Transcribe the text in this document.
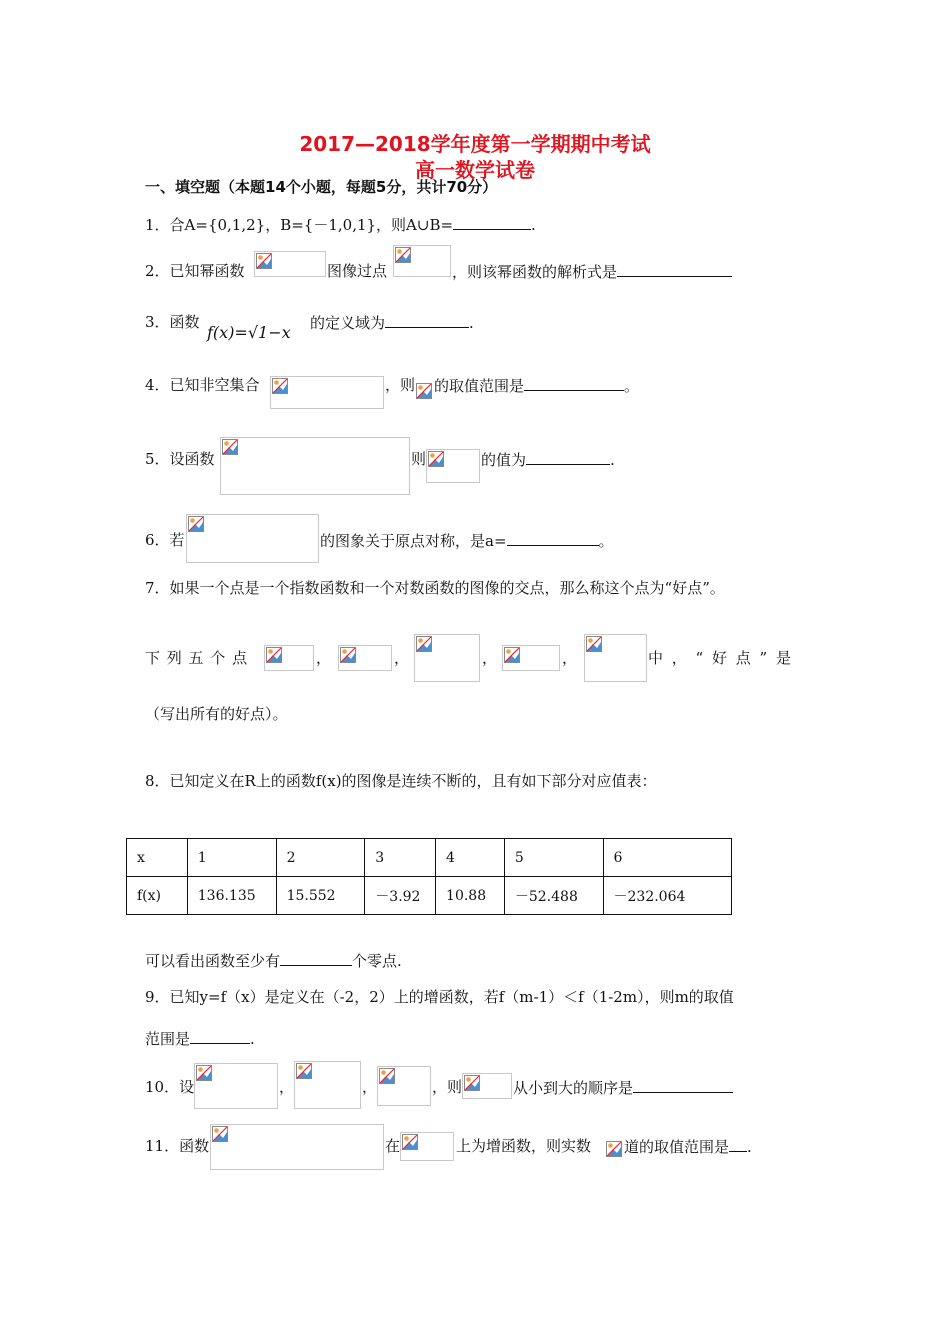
2017—2018学年度第一学期期中考试
高一数学试卷
一、填空题（本题14个小题，每题5分，共计70分）
1．合A={0,1,2}，B={－1,0,1}，则A∪B=	.
2．已知幂函数	图像过点	，则该幂函数的解析式是
3．函数
f(x)=√1−x 的定义域为	.
4．已知非空集合	，则 的取值范围是	。
5．设函数	则	的值为	.
6．若	的图象关于原点对称，是a=	。
7．如果一个点是一个指数函数和一个对数函数的图像的交点，那么称这个点为“好点”。
下 列 五 个 点	，	，	，	，	中 ， “ 好 点 ” 是
（写出所有的好点）。
8．已知定义在R上的函数f(x)的图像是连续不断的，且有如下部分对应值表：
x	1	2	3	4	5	6
f(x)	136.135	15.552	－3.92	10.88	－52.488	－232.064
可以看出函数至少有	个零点.
9．已知y=f（x）是定义在（-2，2）上的增函数，若f（m-1）＜f（1-2m），则m的取值
范围是	.
10．设	，	，	，则	从小到大的顺序是
11．函数	在	上为增函数，则实数 道的取值范围是 .
